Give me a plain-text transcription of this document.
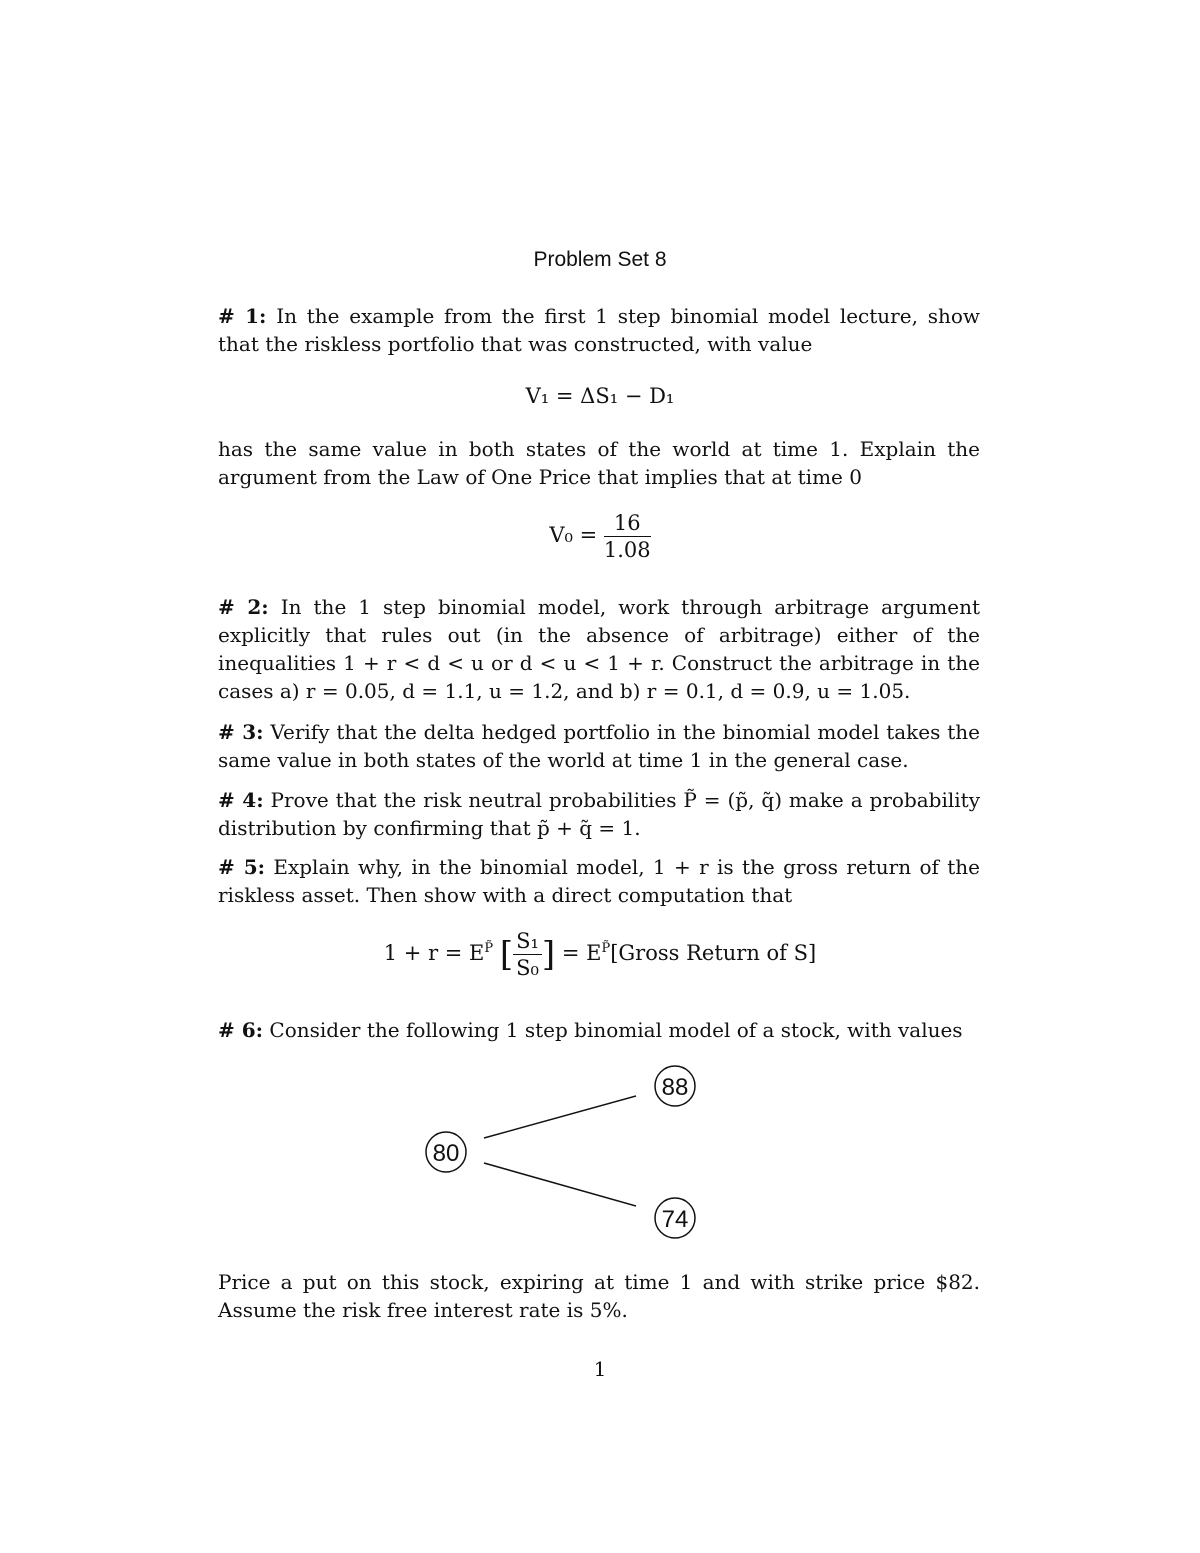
Problem Set 8

# 1: In the example from the first 1 step binomial model lecture, show that the riskless portfolio that was constructed, with value

V₁ = ΔS₁ − D₁

has the same value in both states of the world at time 1. Explain the argument from the Law of One Price that implies that at time 0

$V_0 = \frac{16}{1.08}$

# 2: In the 1 step binomial model, work through arbitrage argument explicitly that rules out (in the absence of arbitrage) either of the inequalities 1 + r < d < u or d < u < 1 + r. Construct the arbitrage in the cases a) r = 0.05, d = 1.1, u = 1.2, and b) r = 0.1, d = 0.9, u = 1.05.

# 3: Verify that the delta hedged portfolio in the binomial model takes the same value in both states of the world at time 1 in the general case.

# 4: Prove that the risk neutral probabilities P̃ = (p̃, q̃) make a probability distribution by confirming that p̃ + q̃ = 1.

# 5: Explain why, in the binomial model, 1 + r is the gross return of the riskless asset. Then show with a direct computation that

$1 + r = E^{P̃}$ [ $\frac{\text{S₁}}{\text{S₀}}$ ] = $E^{P̃}[Gross$ Return of S]

# 6: Consider the following 1 step binomial model of a stock, with values

80
88
74

Price a put on this stock, expiring at time 1 and with strike price $82. Assume the risk free interest rate is 5%.

1
